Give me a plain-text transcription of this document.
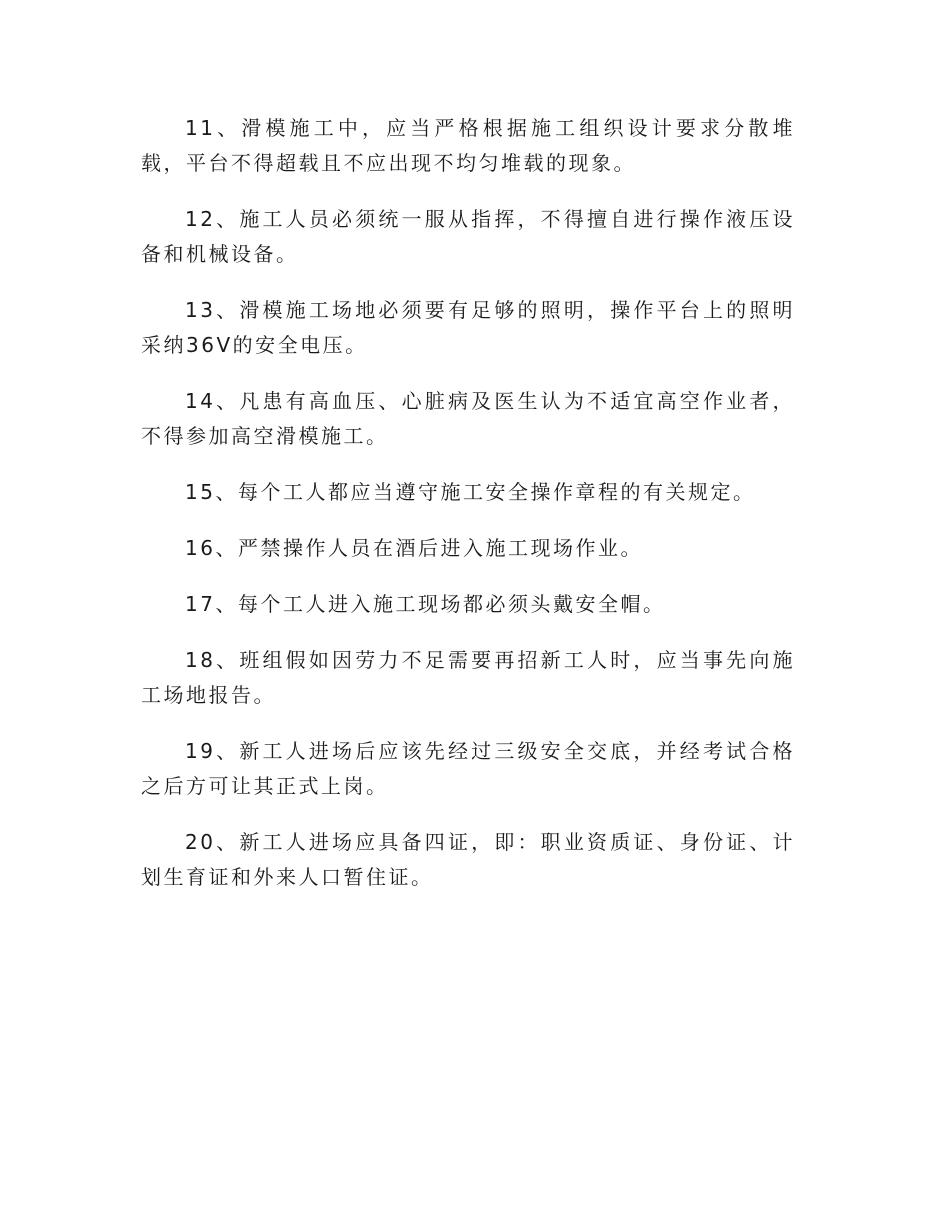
11、滑模施工中，应当严格根据施工组织设计要求分散堆载，平台不得超载且不应出现不均匀堆载的现象。

12、施工人员必须统一服从指挥，不得擅自进行操作液压设备和机械设备。

13、滑模施工场地必须要有足够的照明，操作平台上的照明采纳36V的安全电压。

14、凡患有高血压、心脏病及医生认为不适宜高空作业者，不得参加高空滑模施工。

15、每个工人都应当遵守施工安全操作章程的有关规定。

16、严禁操作人员在酒后进入施工现场作业。

17、每个工人进入施工现场都必须头戴安全帽。

18、班组假如因劳力不足需要再招新工人时，应当事先向施工场地报告。

19、新工人进场后应该先经过三级安全交底，并经考试合格之后方可让其正式上岗。

20、新工人进场应具备四证，即：职业资质证、身份证、计划生育证和外来人口暂住证。
